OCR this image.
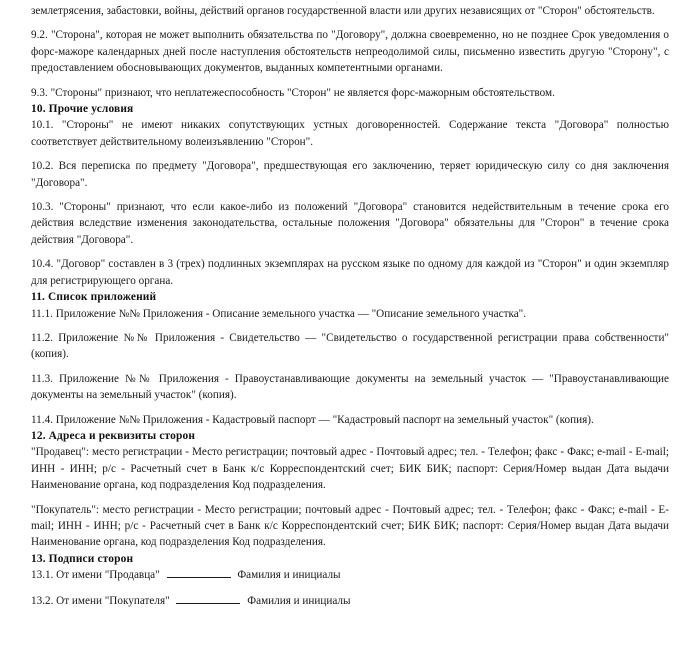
землетрясения, забастовки, войны, действий органов государственной власти или других независящих от "Сторон" обстоятельств.

9.2. "Сторона", которая не может выполнить обязательства по "Договору", должна своевременно, но не позднее Срок уведомления о форс-мажоре календарных дней после наступления обстоятельств непреодолимой силы, письменно известить другую "Сторону", с предоставлением обосновывающих документов, выданных компетентными органами.

9.3. "Стороны" признают, что неплатежеспособность "Сторон" не является форс-мажорным обстоятельством.

10. Прочие условия

10.1. "Стороны" не имеют никаких сопутствующих устных договоренностей. Содержание текста "Договора" полностью соответствует действительному волеизъявлению "Сторон".

10.2. Вся переписка по предмету "Договора", предшествующая его заключению, теряет юридическую силу со дня заключения "Договора".

10.3. "Стороны" признают, что если какое-либо из положений "Договора" становится недействительным в течение срока его действия вследствие изменения законодательства, остальные положения "Договора" обязательны для "Сторон" в течение срока действия "Договора".

10.4. "Договор" составлен в 3 (трех) подлинных экземплярах на русском языке по одному для каждой из "Сторон" и один экземпляр для регистрирующего органа.

11. Список приложений

11.1. Приложение №№ Приложения - Описание земельного участка — "Описание земельного участка".

11.2. Приложение №№ Приложения - Свидетельство — "Свидетельство о государственной регистрации права собственности" (копия).

11.3. Приложение №№ Приложения - Правоустанавливающие документы на земельный участок — "Правоустанавливающие документы на земельный участок" (копия).

11.4. Приложение №№ Приложения - Кадастровый паспорт — "Кадастровый паспорт на земельный участок" (копия).

12. Адреса и реквизиты сторон

"Продавец": место регистрации - Место регистрации; почтовый адрес - Почтовый адрес; тел. - Телефон; факс - Факс; e-mail - E-mail; ИНН - ИНН; р/с - Расчетный счет в Банк к/с Корреспондентский счет; БИК БИК; паспорт: Серия/Номер выдан Дата выдачи Наименование органа, код подразделения Код подразделения.

"Покупатель": место регистрации - Место регистрации; почтовый адрес - Почтовый адрес; тел. - Телефон; факс - Факс; e-mail - E-mail; ИНН - ИНН; р/с - Расчетный счет в Банк к/с Корреспондентский счет; БИК БИК; паспорт: Серия/Номер выдан Дата выдачи Наименование органа, код подразделения Код подразделения.

13. Подписи сторон

13.1. От имени "Продавца"	Фамилия и инициалы

13.2. От имени "Покупателя"	Фамилия и инициалы
